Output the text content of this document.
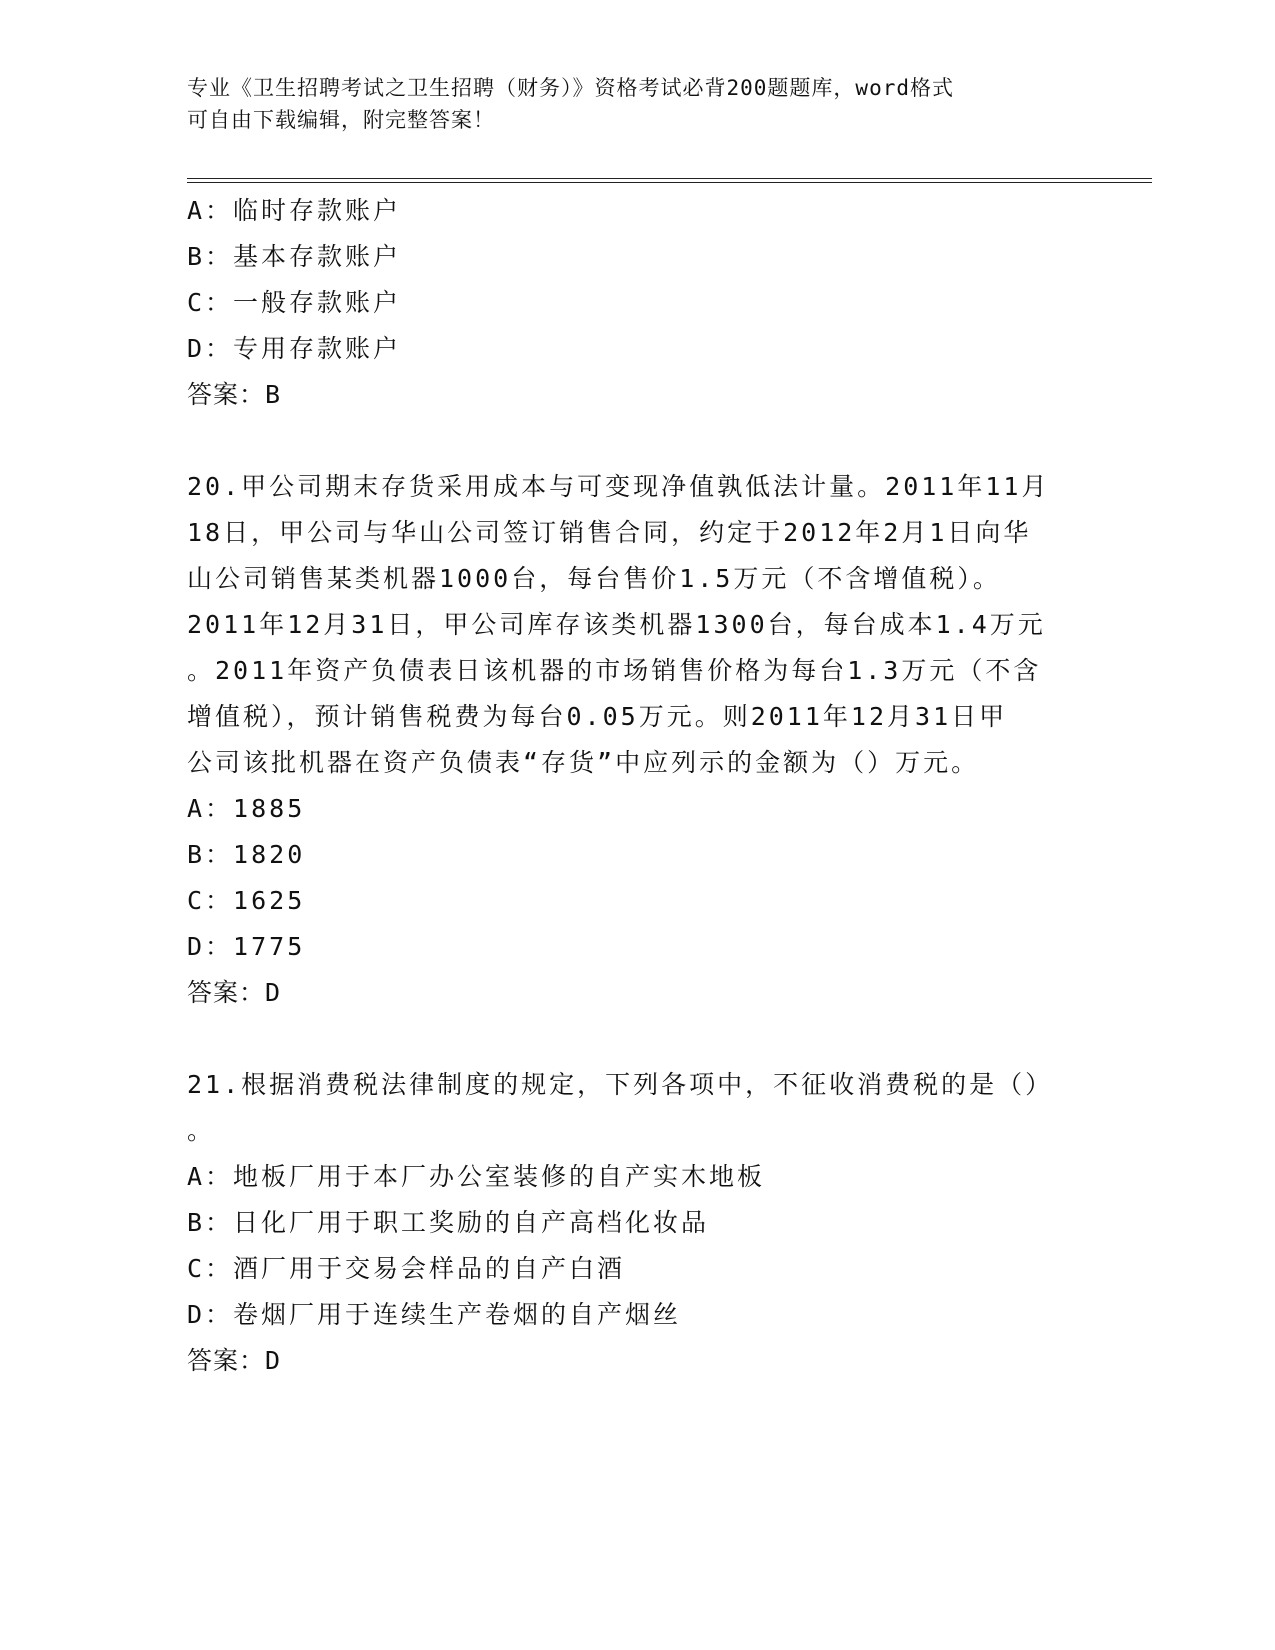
专业《卫生招聘考试之卫生招聘（财务）》资格考试必背200题题库，word格式
可自由下载编辑，附完整答案！
A：临时存款账户
B：基本存款账户
C：一般存款账户
D：专用存款账户
答案：B
20.甲公司期末存货采用成本与可变现净值孰低法计量。2011年11月
18日，甲公司与华山公司签订销售合同，约定于2012年2月1日向华
山公司销售某类机器1000台，每台售价1.5万元（不含增值税）。
2011年12月31日，甲公司库存该类机器1300台，每台成本1.4万元
。2011年资产负债表日该机器的市场销售价格为每台1.3万元（不含
增值税），预计销售税费为每台0.05万元。则2011年12月31日甲
公司该批机器在资产负债表“存货”中应列示的金额为（）万元。
A：1885
B：1820
C：1625
D：1775
答案：D
21.根据消费税法律制度的规定，下列各项中，不征收消费税的是（）
。
A：地板厂用于本厂办公室装修的自产实木地板
B：日化厂用于职工奖励的自产高档化妆品
C：酒厂用于交易会样品的自产白酒
D：卷烟厂用于连续生产卷烟的自产烟丝
答案：D
